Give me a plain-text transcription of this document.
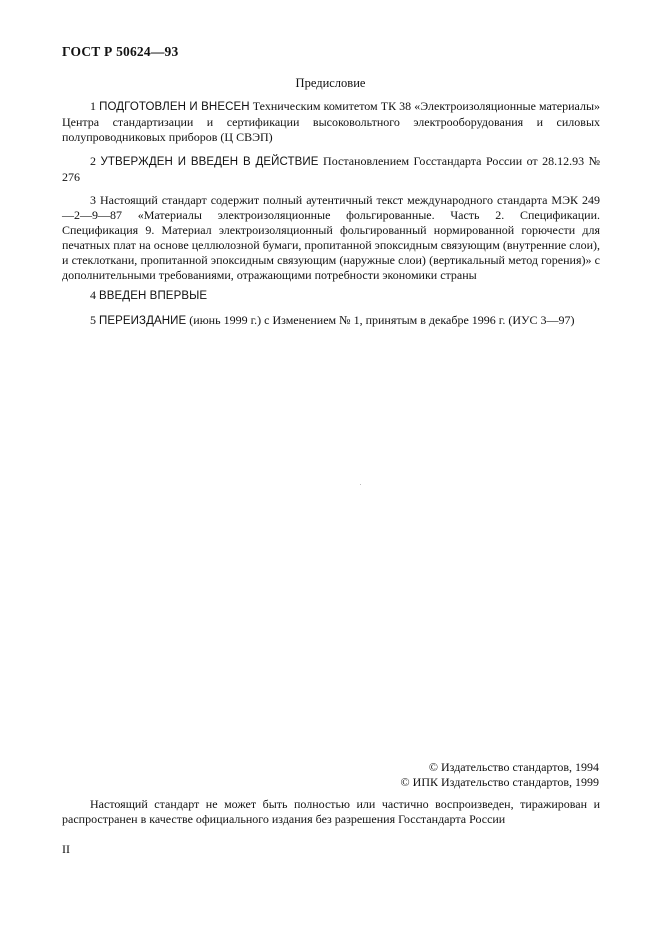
ГОСТ Р 50624—93
Предисловие
1 ПОДГОТОВЛЕН И ВНЕСЕН Техническим комитетом ТК 38 «Электроизоляционные материалы» Центра стандартизации и сертификации высоковольтного электрооборудования и силовых полупроводниковых приборов (Ц СВЭП)
2 УТВЕРЖДЕН И ВВЕДЕН В ДЕЙСТВИЕ Постановлением Госстандарта России от 28.12.93 № 276
3 Настоящий стандарт содержит полный аутентичный текст международного стандарта МЭК 249—2—9—87 «Материалы электроизоляционные фольгированные. Часть 2. Спецификации. Спецификация 9. Материал электроизоляционный фольгированный нормированной горючести для печатных плат на основе целлюлозной бумаги, пропитанной эпоксидным связующим (внутренние слои), и стеклоткани, пропитанной эпоксидным связующим (наружные слои) (вертикальный метод горения)» с дополнительными требованиями, отражающими потребности экономики страны
4 ВВЕДЕН ВПЕРВЫЕ
5 ПЕРЕИЗДАНИЕ (июнь 1999 г.) с Изменением № 1, принятым в декабре 1996 г. (ИУС 3—97)
© Издательство стандартов, 1994
© ИПК Издательство стандартов, 1999
Настоящий стандарт не может быть полностью или частично воспроизведен, тиражирован и распространен в качестве официального издания без разрешения Госстандарта России
II
